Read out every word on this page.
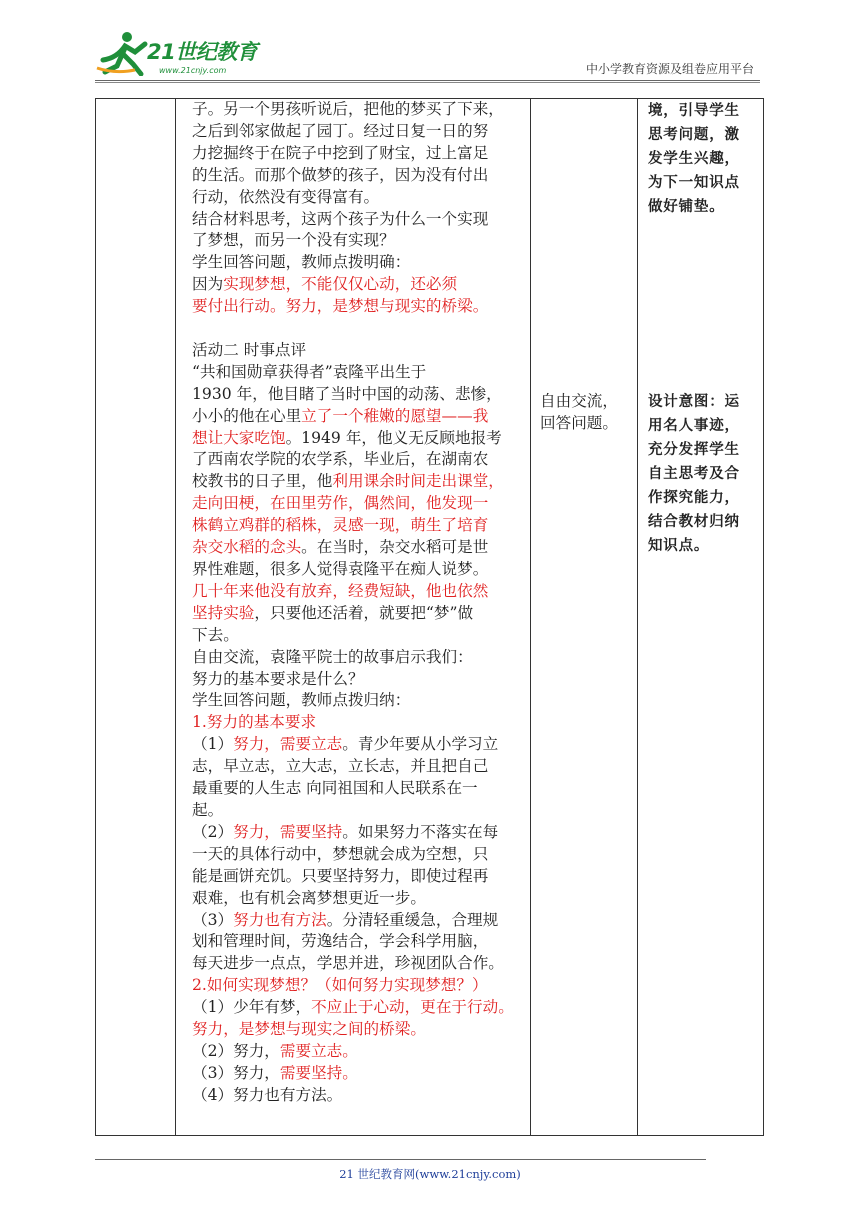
21世纪教育
www.21cnjy.com	中小学教育资源及组卷应用平台
子。另一个男孩听说后，把他的梦买了下来，
之后到邻家做起了园丁。经过日复一日的努
力挖掘终于在院子中挖到了财宝，过上富足
的生活。而那个做梦的孩子，因为没有付出
行动，依然没有变得富有。
结合材料思考，这两个孩子为什么一个实现
了梦想，而另一个没有实现？
学生回答问题，教师点拨明确：
因为实现梦想，不能仅仅心动，还必须
要付出行动。努力，是梦想与现实的桥梁。
活动二 时事点评
“共和国勋章获得者”袁隆平出生于
1930 年，他目睹了当时中国的动荡、悲惨，
小小的他在心里立了一个稚嫩的愿望——我
想让大家吃饱。1949 年，他义无反顾地报考
了西南农学院的农学系，毕业后，在湖南农
校教书的日子里，他利用课余时间走出课堂，
走向田梗，在田里劳作，偶然间，他发现一
株鹤立鸡群的稻株，灵感一现，萌生了培育
杂交水稻的念头。在当时，杂交水稻可是世
界性难题，很多人觉得袁隆平在痴人说梦。
几十年来他没有放弃，经费短缺，他也依然
坚持实验，只要他还活着，就要把“梦”做
下去。
自由交流，袁隆平院士的故事启示我们：
努力的基本要求是什么？
学生回答问题，教师点拨归纳：
1.努力的基本要求
（1）努力，需要立志。青少年要从小学习立
志，早立志，立大志，立长志，并且把自己
最重要的人生志 向同祖国和人民联系在一
起。
（2）努力，需要坚持。如果努力不落实在每
一天的具体行动中，梦想就会成为空想，只
能是画饼充饥。只要坚持努力，即使过程再
艰难，也有机会离梦想更近一步。
（3）努力也有方法。分清轻重缓急，合理规
划和管理时间，劳逸结合，学会科学用脑，
每天进步一点点，学思并进，珍视团队合作。
2.如何实现梦想？（如何努力实现梦想？）
（1）少年有梦，不应止于心动，更在于行动。
努力，是梦想与现实之间的桥梁。
（2）努力，需要立志。
（3）努力，需要坚持。
（4）努力也有方法。
自由交流，
回答问题。
境，引导学生
思考问题，激
发学生兴趣，
为下一知识点
做好铺垫。
设计意图：运
用名人事迹，
充分发挥学生
自主思考及合
作探究能力，
结合教材归纳
知识点。
21 世纪教育网(www.21cnjy.com)
